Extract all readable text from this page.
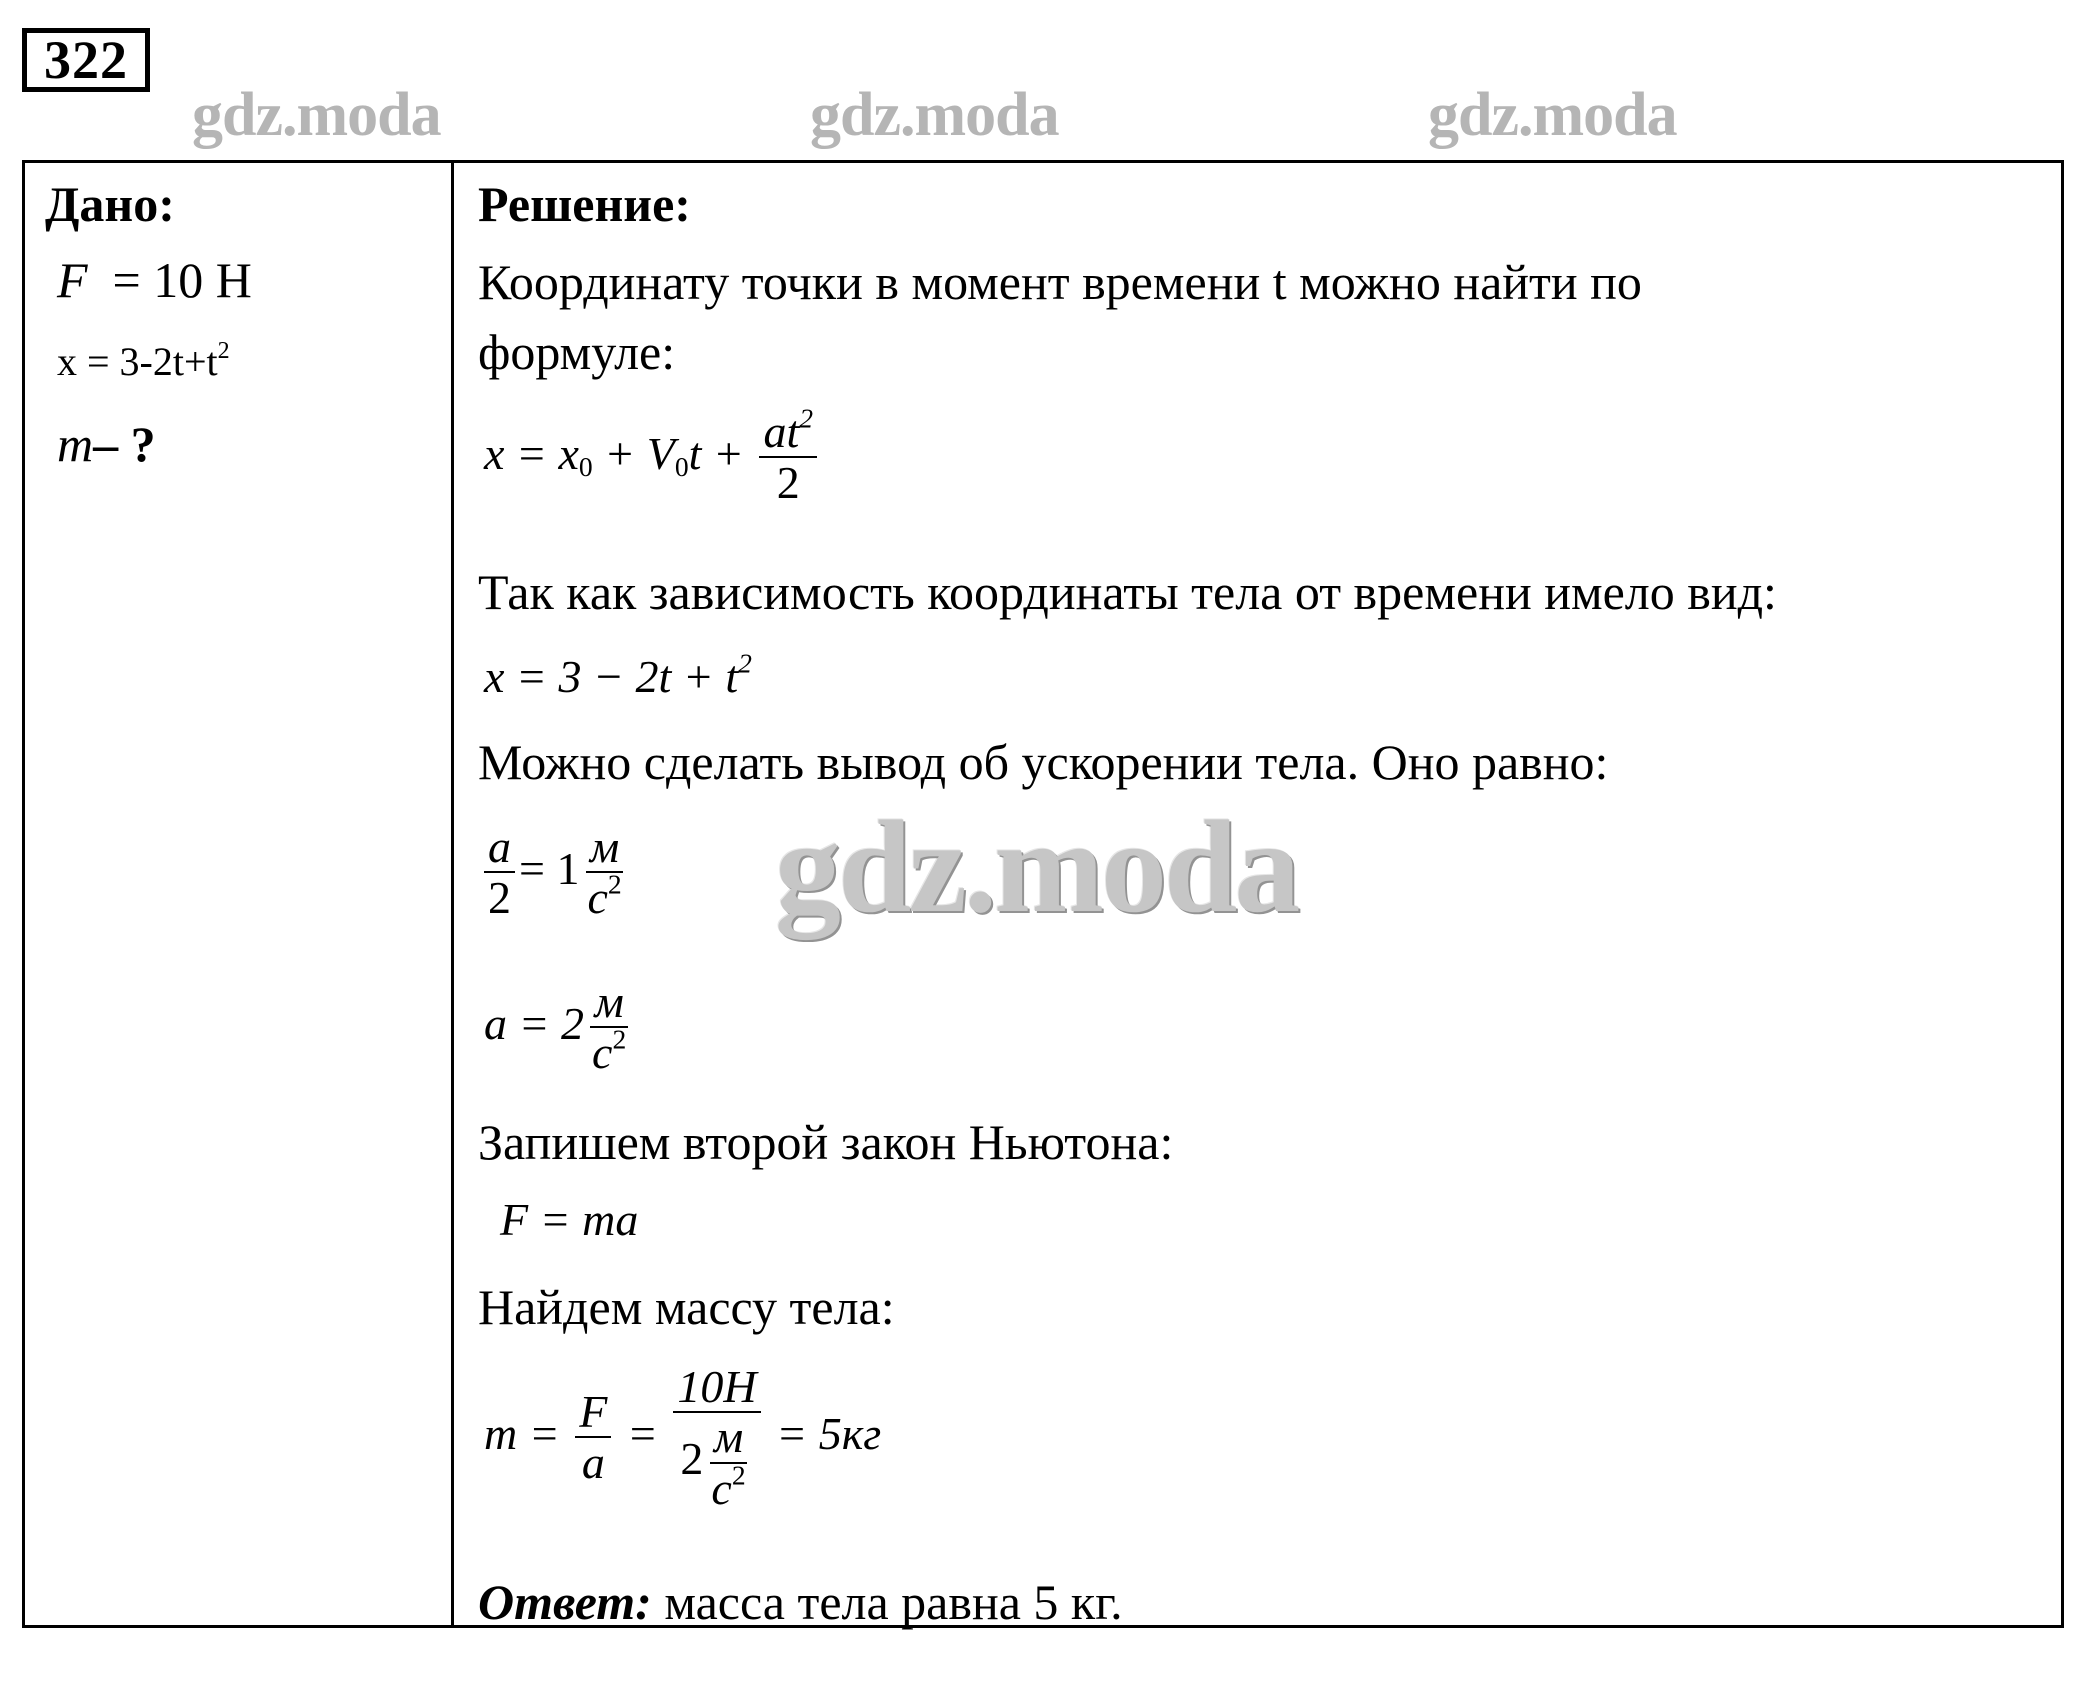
322
gdz.moda	gdz.moda	gdz.moda
Дано:
F = 10 Н
$x = 3-2t+t^2$
m– ?
Решение:
Координату точки в момент времени t можно найти по
формуле:
$x = x_0 + V_0t + \frac{at^2}{2}$
Так как зависимость координаты тела от времени имело вид:
$x = 3 - 2t + t^2$
Можно сделать вывод об ускорении тела. Оно равно:
$\frac{a}{2} = 1 \frac{м}{с^2}$
$a = 2 \frac{м}{с^2}$
Запишем второй закон Ньютона:
F = ma
Найдем массу тела:
$m = \frac{F}{a} = \frac{10H}{2 \frac{м}{с^2}} = 5кг$
Ответ: масса тела равна 5 кг.
gdz.moda
